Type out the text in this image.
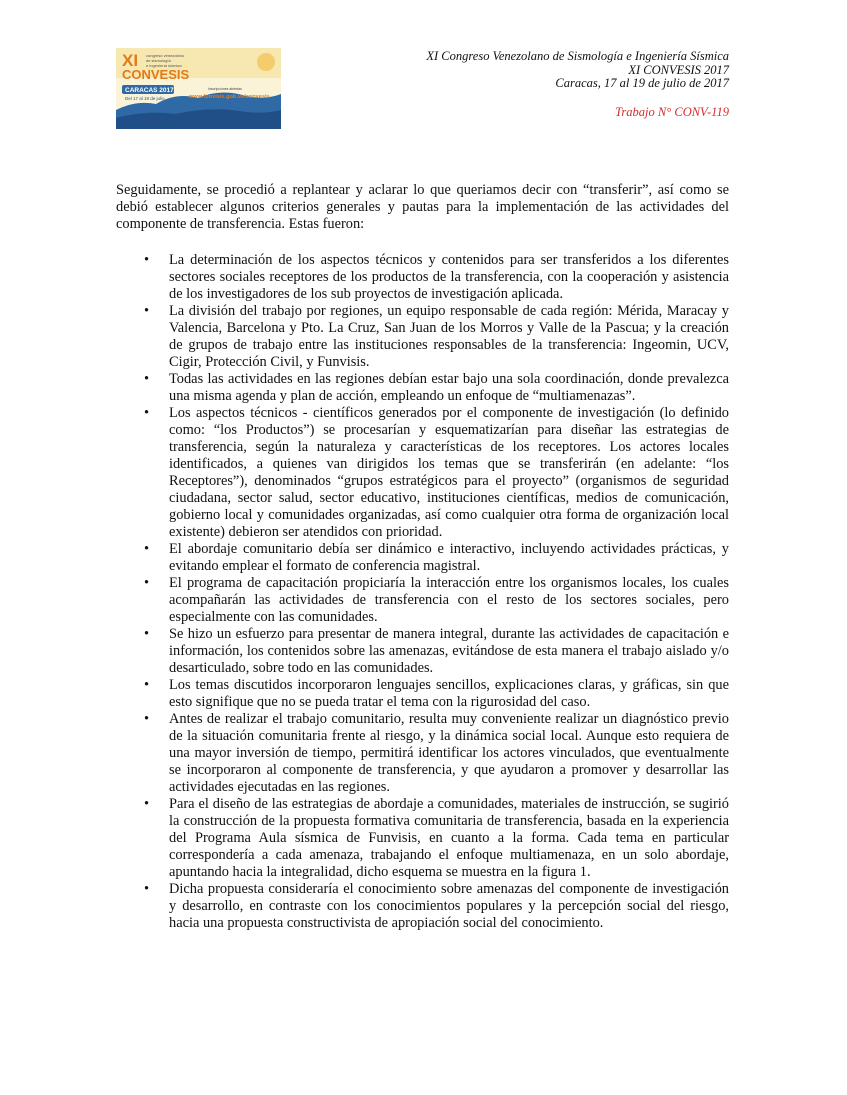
XI congreso venezolano
de sismología
e ingeniería sísmica
CONVESIS
CARACAS 2017
Del 17 al 19 de julio
Inscripciones abiertas
www.funvisis.gob.ve/convesis
XI Congreso Venezolano de Sismología e Ingeniería Sísmica
XI CONVESIS 2017
Caracas, 17 al 19 de julio de 2017
Trabajo N° CONV-119

Seguidamente, se procedió a replantear y aclarar lo que queriamos decir con “transferir”, así como se debió establecer algunos criterios generales y pautas para la implementación de las actividades del componente de transferencia. Estas fueron:

• La determinación de los aspectos técnicos y contenidos para ser transferidos a los diferentes sectores sociales receptores de los productos de la transferencia, con la cooperación y asistencia de los investigadores de los sub proyectos de investigación aplicada.
• La división del trabajo por regiones, un equipo responsable de cada región: Mérida, Maracay y Valencia, Barcelona y Pto. La Cruz, San Juan de los Morros y Valle de la Pascua; y la creación de grupos de trabajo entre las instituciones responsables de la transferencia: Ingeomin, UCV, Cigir, Protección Civil, y Funvisis.
• Todas las actividades en las regiones debían estar bajo una sola coordinación, donde prevalezca una misma agenda y plan de acción, empleando un enfoque de “multiamenazas”.
• Los aspectos técnicos - científicos generados por el componente de investigación (lo definido como: “los Productos”) se procesarían y esquematizarían para diseñar las estrategias de transferencia, según la naturaleza y características de los receptores. Los actores locales identificados, a quienes van dirigidos los temas que se transferirán (en adelante: “los Receptores”), denominados “grupos estratégicos para el proyecto” (organismos de seguridad ciudadana, sector salud, sector educativo, instituciones científicas, medios de comunicación, gobierno local y comunidades organizadas, así como cualquier otra forma de organización local existente) debieron ser atendidos con prioridad.
• El abordaje comunitario debía ser dinámico e interactivo, incluyendo actividades prácticas, y evitando emplear el formato de conferencia magistral.
• El programa de capacitación propiciaría la interacción entre los organismos locales, los cuales acompañarán las actividades de transferencia con el resto de los sectores sociales, pero especialmente con las comunidades.
• Se hizo un esfuerzo para presentar de manera integral, durante las actividades de capacitación e información, los contenidos sobre las amenazas, evitándose de esta manera el trabajo aislado y/o desarticulado, sobre todo en las comunidades.
• Los temas discutidos incorporaron lenguajes sencillos, explicaciones claras, y gráficas, sin que esto signifique que no se pueda tratar el tema con la rigurosidad del caso.
• Antes de realizar el trabajo comunitario, resulta muy conveniente realizar un diagnóstico previo de la situación comunitaria frente al riesgo, y la dinámica social local. Aunque esto requiera de una mayor inversión de tiempo, permitirá identificar los actores vinculados, que eventualmente se incorporaron al componente de transferencia, y que ayudaron a promover y desarrollar las actividades ejecutadas en las regiones.
• Para el diseño de las estrategias de abordaje a comunidades, materiales de instrucción, se sugirió la construcción de la propuesta formativa comunitaria de transferencia, basada en la experiencia del Programa Aula sísmica de Funvisis, en cuanto a la forma. Cada tema en particular correspondería a cada amenaza, trabajando el enfoque multiamenaza, en un solo abordaje, apuntando hacia la integralidad, dicho esquema se muestra en la figura 1.
• Dicha propuesta consideraría el conocimiento sobre amenazas del componente de investigación y desarrollo, en contraste con los conocimientos populares y la percepción social del riesgo, hacia una propuesta constructivista de apropiación social del conocimiento.
